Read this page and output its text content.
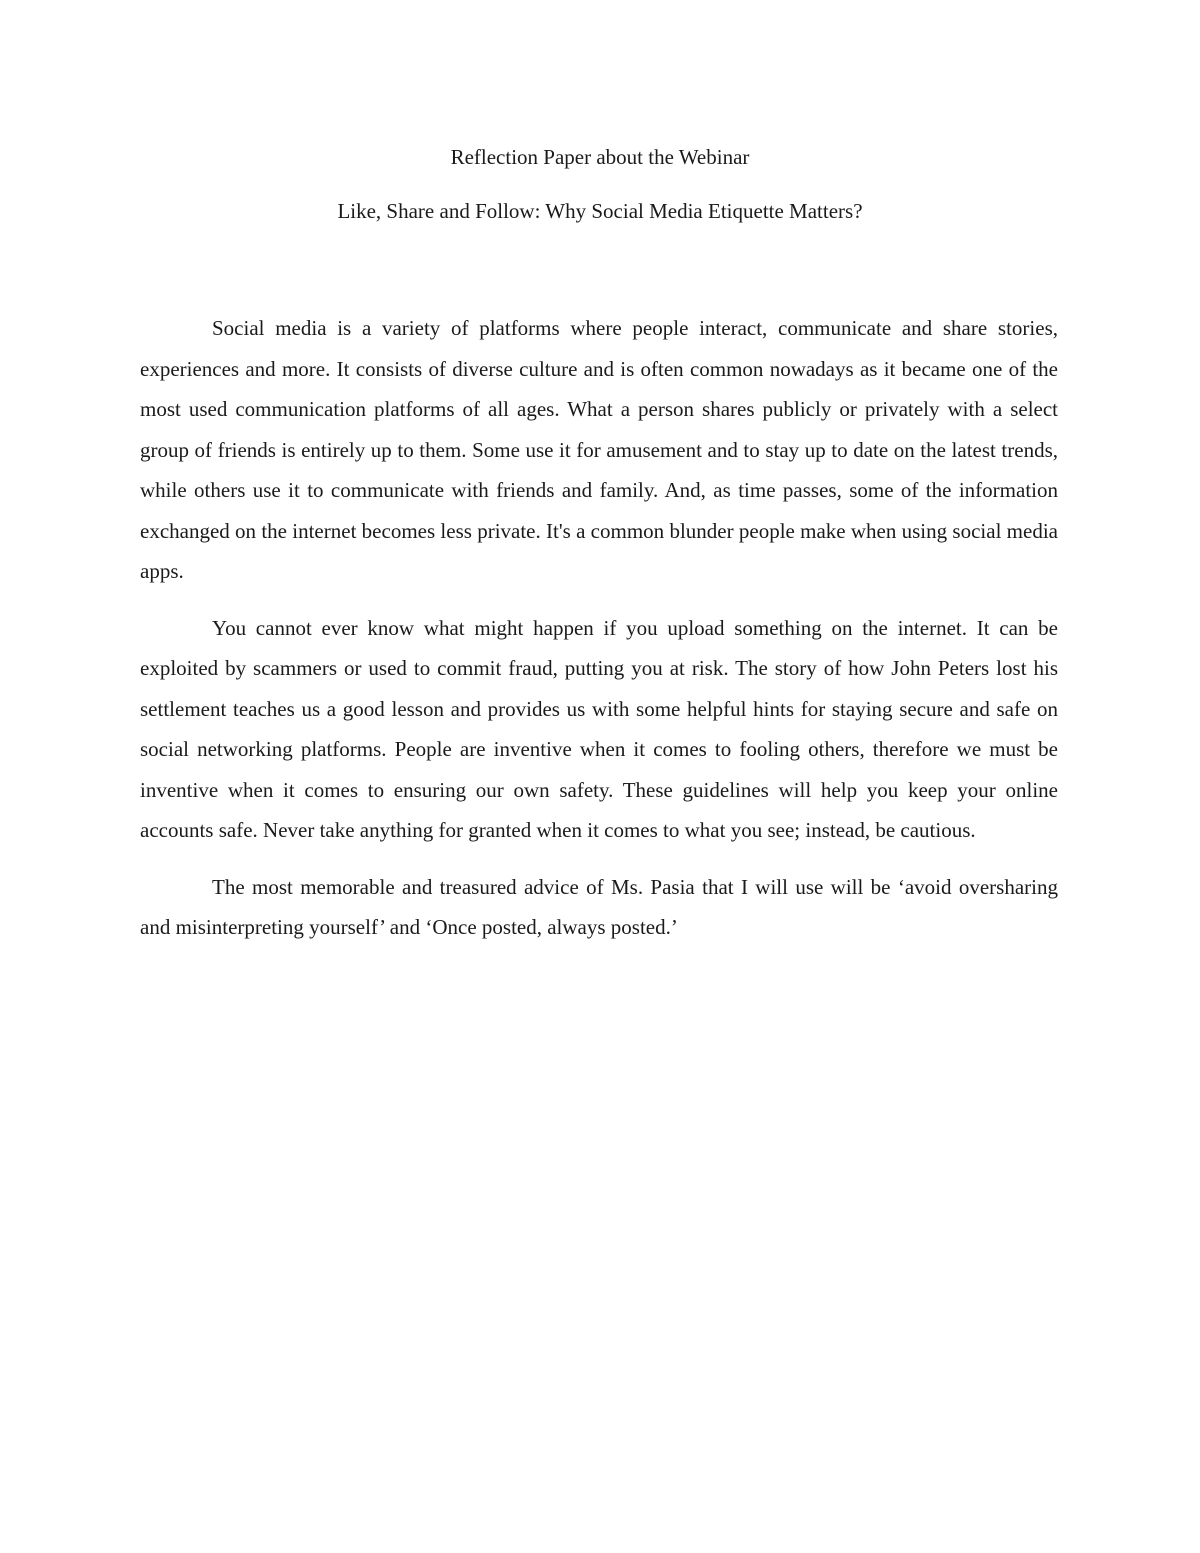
Reflection Paper about the Webinar
Like, Share and Follow: Why Social Media Etiquette Matters?

Social media is a variety of platforms where people interact, communicate and share stories, experiences and more. It consists of diverse culture and is often common nowadays as it became one of the most used communication platforms of all ages. What a person shares publicly or privately with a select group of friends is entirely up to them. Some use it for amusement and to stay up to date on the latest trends, while others use it to communicate with friends and family. And, as time passes, some of the information exchanged on the internet becomes less private. It's a common blunder people make when using social media apps.

You cannot ever know what might happen if you upload something on the internet. It can be exploited by scammers or used to commit fraud, putting you at risk. The story of how John Peters lost his settlement teaches us a good lesson and provides us with some helpful hints for staying secure and safe on social networking platforms. People are inventive when it comes to fooling others, therefore we must be inventive when it comes to ensuring our own safety. These guidelines will help you keep your online accounts safe. Never take anything for granted when it comes to what you see; instead, be cautious.

The most memorable and treasured advice of Ms. Pasia that I will use will be ‘avoid oversharing and misinterpreting yourself’ and ‘Once posted, always posted.’
